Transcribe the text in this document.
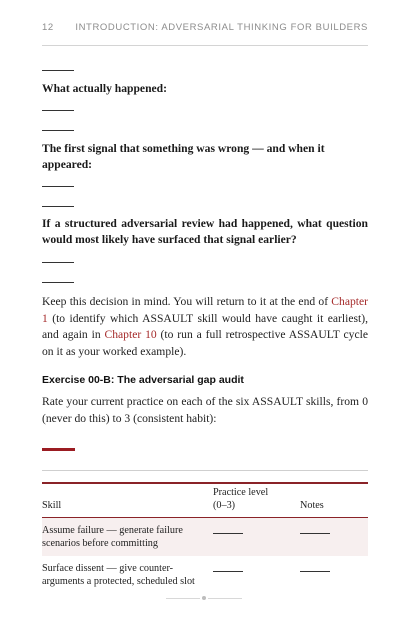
12 INTRODUCTION: ADVERSARIAL THINKING FOR BUILDERS
What actually happened:
The first signal that something was wrong — and when it appeared:
If a structured adversarial review had happened, what question would most likely have surfaced that signal earlier?
Keep this decision in mind. You will return to it at the end of Chapter 1 (to identify which ASSAULT skill would have caught it earliest), and again in Chapter 10 (to run a full retrospective ASSAULT cycle on it as your worked example).
Exercise 00-B: The adversarial gap audit
Rate your current practice on each of the six ASSAULT skills, from 0 (never do this) to 3 (consistent habit):
Skill
Practice level
(0–3)	Notes
Assume failure — generate failure scenarios before committing
Surface dissent — give counter-arguments a protected, scheduled slot
